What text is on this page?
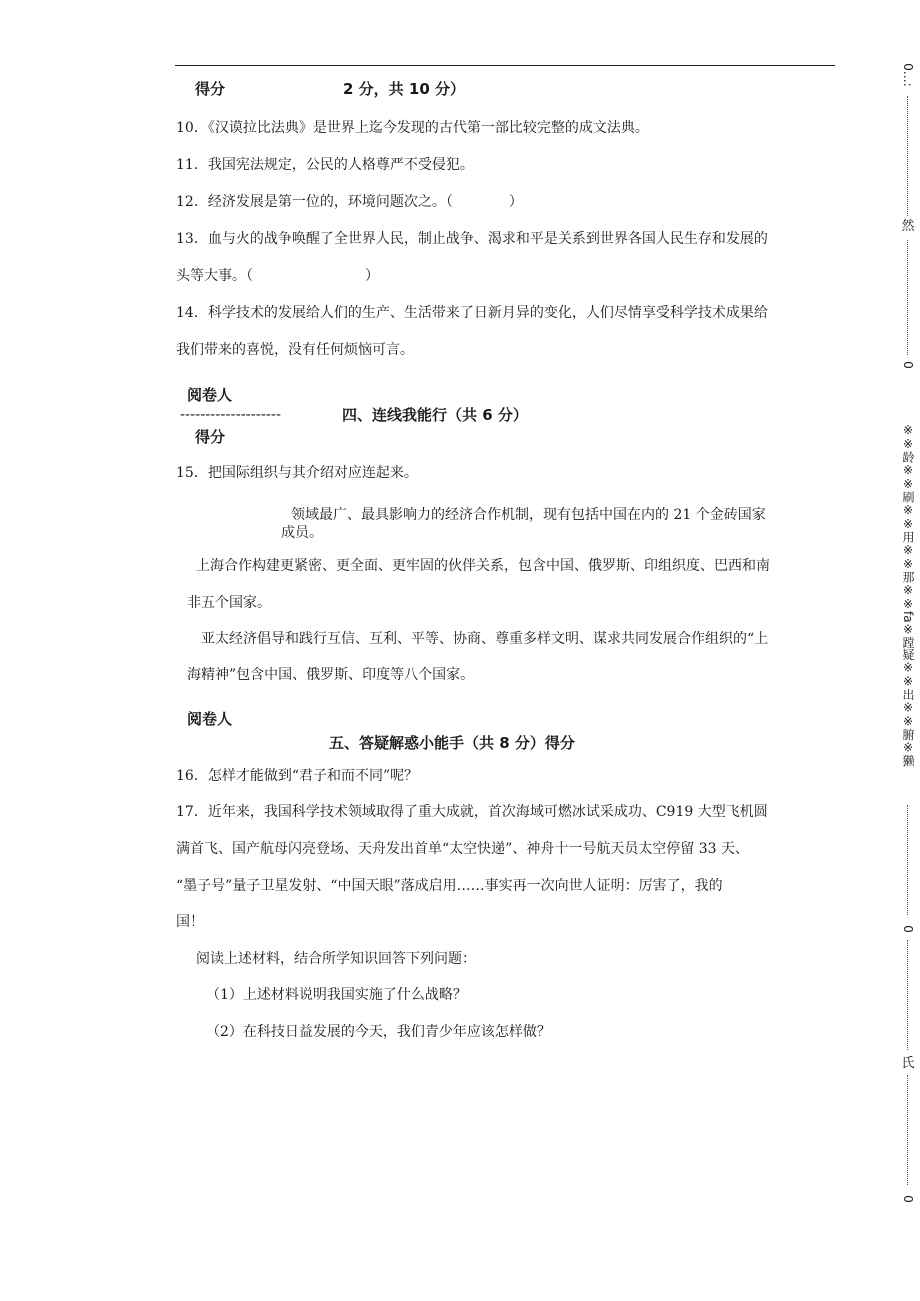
得分	2 分，共 10 分）
10．《汉谟拉比法典》是世界上迄今发现的古代第一部比较完整的成文法典。
11．我国宪法规定，公民的人格尊严不受侵犯。
12．经济发展是第一位的，环境问题次之。（　　　　）
13．血与火的战争唤醒了全世界人民，制止战争、渴求和平是关系到世界各国人民生存和发展的
头等大事。（　　　　　　　　）
14．科学技术的发展给人们的生产、生活带来了日新月异的变化，人们尽情享受科学技术成果给
我们带来的喜悦，没有任何烦恼可言。
阅卷人
--------------------	四、连线我能行（共 6 分）
得分
15．把国际组织与其介绍对应连起来。
领域最广、最具影响力的经济合作机制，现有包括中国在内的 21 个金砖国家
成员。
上海合作构建更紧密、更全面、更牢固的伙伴关系，包含中国、俄罗斯、印组织度、巴西和南
非五个国家。
亚太经济倡导和践行互信、互利、平等、协商、尊重多样文明、谋求共同发展合作组织的“上
海精神”包含中国、俄罗斯、印度等八个国家。
阅卷人
五、答疑解惑小能手（共 8 分）得分
16．怎样才能做到“君子和而不同”呢？
17．近年来，我国科学技术领域取得了重大成就，首次海域可燃冰试采成功、C919 大型飞机圆
满首飞、国产航母闪亮登场、天舟发出首单“太空快递”、神舟十一号航天员太空停留 33 天、
“墨子号”量子卫星发射、“中国天眼”落成启用……事实再一次向世人证明：厉害了，我的
国！
阅读上述材料，结合所学知识回答下列问题：
（1）上述材料说明我国实施了什么战略？
（2）在科技日益发展的今天，我们青少年应该怎样做？
0…:
然
0
※※龄※※刷※※用※※那※※fa※蹚疑※※出※※腑※獭
0
氏
0
